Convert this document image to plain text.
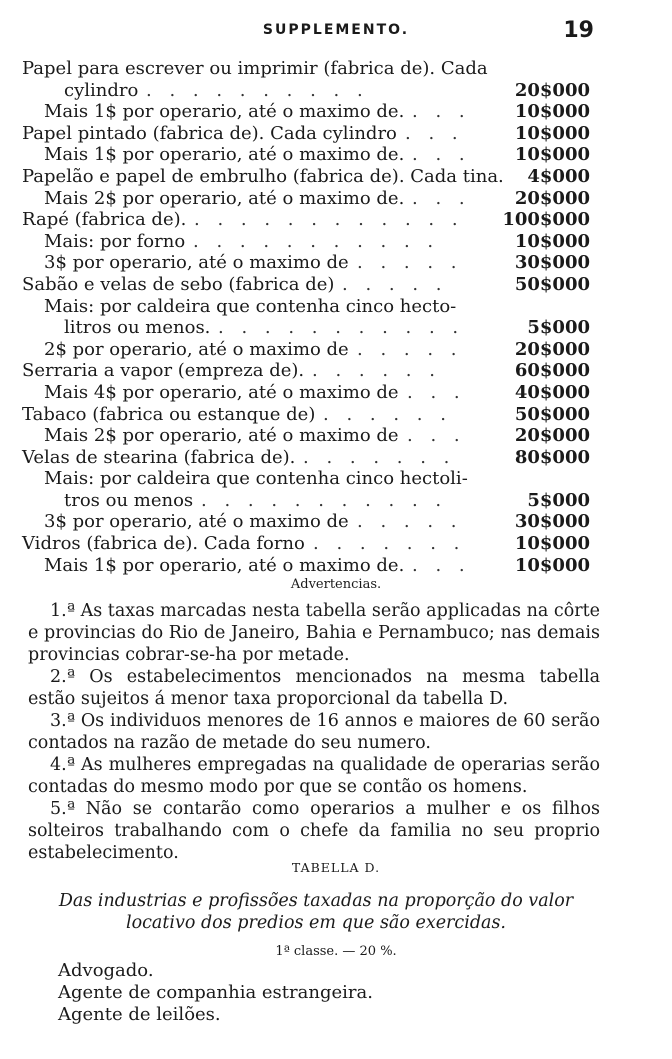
SUPPLEMENTO.	19
Papel para escrever ou imprimir (fabrica de). Cada
cylindro . . . . . . . . . .	20$000
Mais 1$ por operario, até o maximo de. . . .	10$000
Papel pintado (fabrica de). Cada cylindro . . .	10$000
Mais 1$ por operario, até o maximo de. . . .	10$000
Papelão e papel de embrulho (fabrica de). Cada tina. 4$000
Mais 2$ por operario, até o maximo de. . . .	20$000
Rapé (fabrica de). . . . . . . . . . . . .	100$000
Mais: por forno . . . . . . . . . . .	10$000
3$ por operario, até o maximo de . . . . .	30$000
Sabão e velas de sebo (fabrica de) . . . . .	50$000
Mais: por caldeira que contenha cinco hecto-
litros ou menos. . . . . . . . . . . .	5$000
2$ por operario, até o maximo de . . . . .	20$000
Serraria a vapor (empreza de). . . . . . .	60$000
Mais 4$ por operario, até o maximo de . . .	40$000
Tabaco (fabrica ou estanque de) . . . . . .	50$000
Mais 2$ por operario, até o maximo de . . .	20$000
Velas de stearina (fabrica de). . . . . . . .	80$000
Mais: por caldeira que contenha cinco hectoli-
tros ou menos . . . . . . . . . . .	5$000
3$ por operario, até o maximo de . . . . .	30$000
Vidros (fabrica de). Cada forno . . . . . . .	10$000
Mais 1$ por operario, até o maximo de. . . .	10$000
Advertencias.

1.ª As taxas marcadas nesta tabella serão applicadas na côrte e provincias do Rio de Janeiro, Bahia e Pernambuco; nas demais provincias cobrar-se-ha por metade.

2.ª Os estabelecimentos mencionados na mesma tabella estão sujeitos á menor taxa proporcional da tabella D.

3.ª Os individuos menores de 16 annos e maiores de 60 serão contados na razão de metade do seu numero.

4.ª As mulheres empregadas na qualidade de operarias serão contadas do mesmo modo por que se contão os homens.

5.ª Não se contarão como operarios a mulher e os filhos solteiros trabalhando com o chefe da familia no seu proprio estabelecimento.

TABELLA D.
Das industrias e profissões taxadas na proporção do valor locativo dos predios em que são exercidas.
1ª classe. — 20 %.
Advogado.
Agente de companhia estrangeira.
Agente de leilões.
